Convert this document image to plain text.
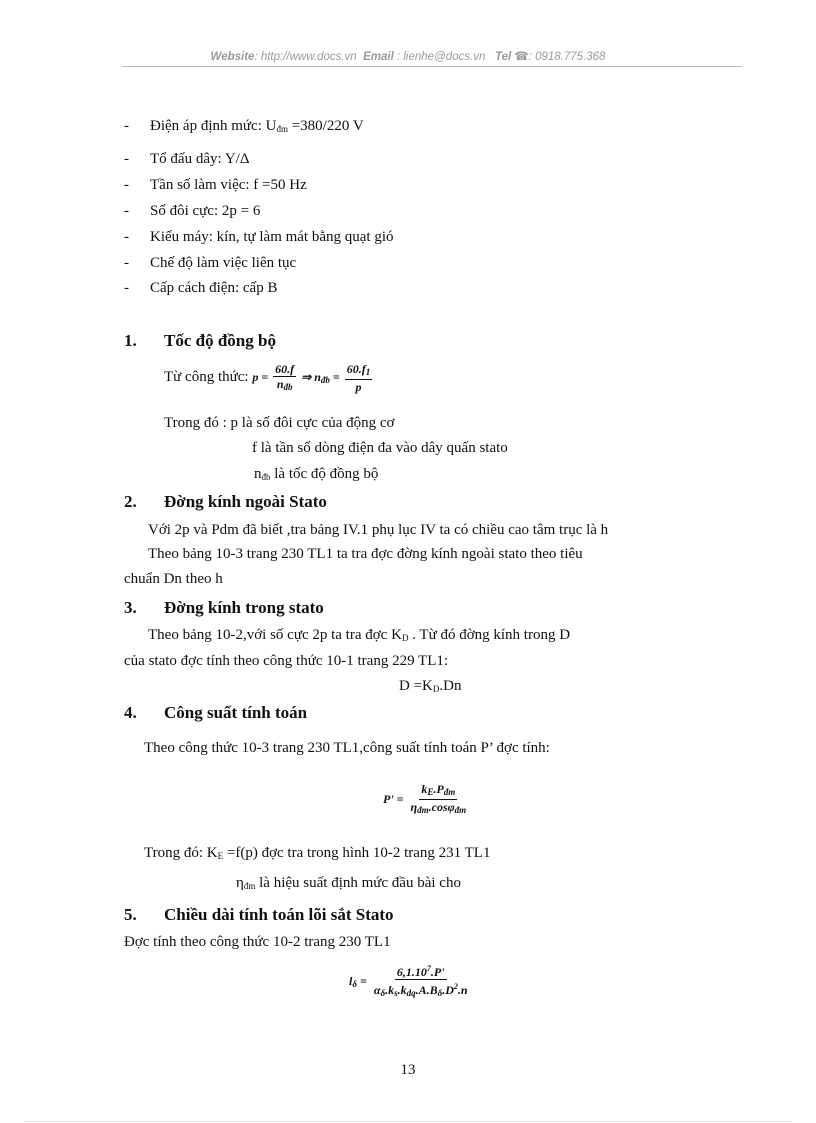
Website: http://www.docs.vn Email : lienhe@docs.vn Tel ☎: 0918.775.368
- Điện áp định mức: $U_{đm} =380/220$ V
- Tổ đấu dây: Y/Δ
- Tần số làm việc: f =50 Hz
- Số đôi cực: 2p = 6
- Kiểu máy: kín, tự làm mát bằng quạt gió
- Chế độ làm việc liên tục
- Cấp cách điện: cấp B
1. Tốc độ đồng bộ
Từ công thức: $p = \frac{60.f}{n_{đb}}$ ⇒ $n_{đb} = \frac{60.f_1}{p}$
Trong đó : p là số đôi cực của động cơ
f là tần số dòng điện đa vào dây quấn stato
$n_{đb}$ là tốc độ đồng bộ
2. Đờng kính ngoài Stato
Với 2p và Pdm đã biết ,tra bảng IV.1 phụ lục IV ta có chiều cao tâm trục là h
Theo bảng 10-3 trang 230 TL1 ta tra đợc đờng kính ngoài stato theo tiêu
chuẩn Dn theo h
3. Đờng kính trong stato
Theo bảng 10-2,với số cực 2p ta tra đợc $K_D$ . Từ đó đờng kính trong D
của stato đợc tính theo công thức 10-1 trang 229 TL1:
$D =K_D.Dn$
4. Công suất tính toán
Theo công thức 10-3 trang 230 TL1,công suất tính toán P’ đợc tính:
$P' = \frac{k_E.P_{đm}}{\eta_{đm}.\cos\varphi_{đm}}$
Trong đó: $K_E =f(p)$ đợc tra trong hình 10-2 trang 231 TL1
$\eta_{đm}$ là hiệu suất định mức đầu bài cho
5. Chiều dài tính toán lõi sắt Stato
Đợc tính theo công thức 10-2 trang 230 TL1
$l_\delta = \frac{6,1.10^7.P'}{\alpha_\delta.k_s.k_{dq}.A.B_\delta.D^2.n}$
13
